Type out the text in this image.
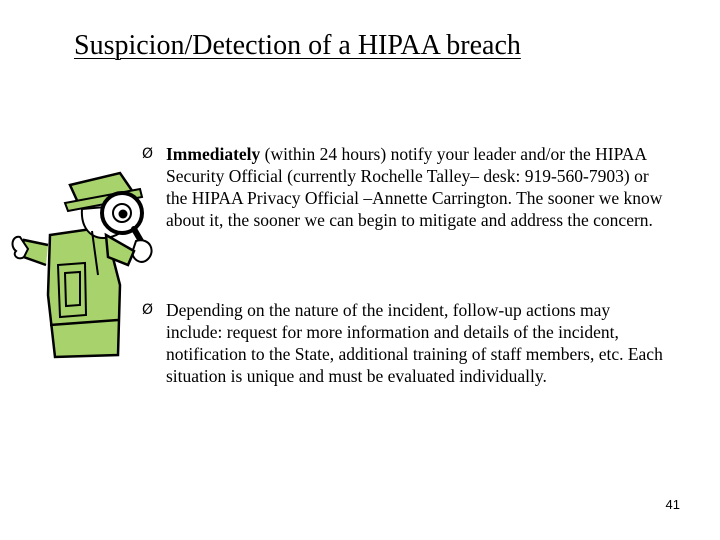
Suspicion/Detection of a HIPAA breach
Ø Immediately (within 24 hours) notify your leader and/or the HIPAA Security Official (currently Rochelle Talley– desk: 919-560-7903) or the HIPAA Privacy Official –Annette Carrington. The sooner we know about it, the sooner we can begin to mitigate and address the concern.
Ø Depending on the nature of the incident, follow-up actions may include: request for more information and details of the incident, notification to the State, additional training of staff members, etc. Each situation is unique and must be evaluated individually.
41
